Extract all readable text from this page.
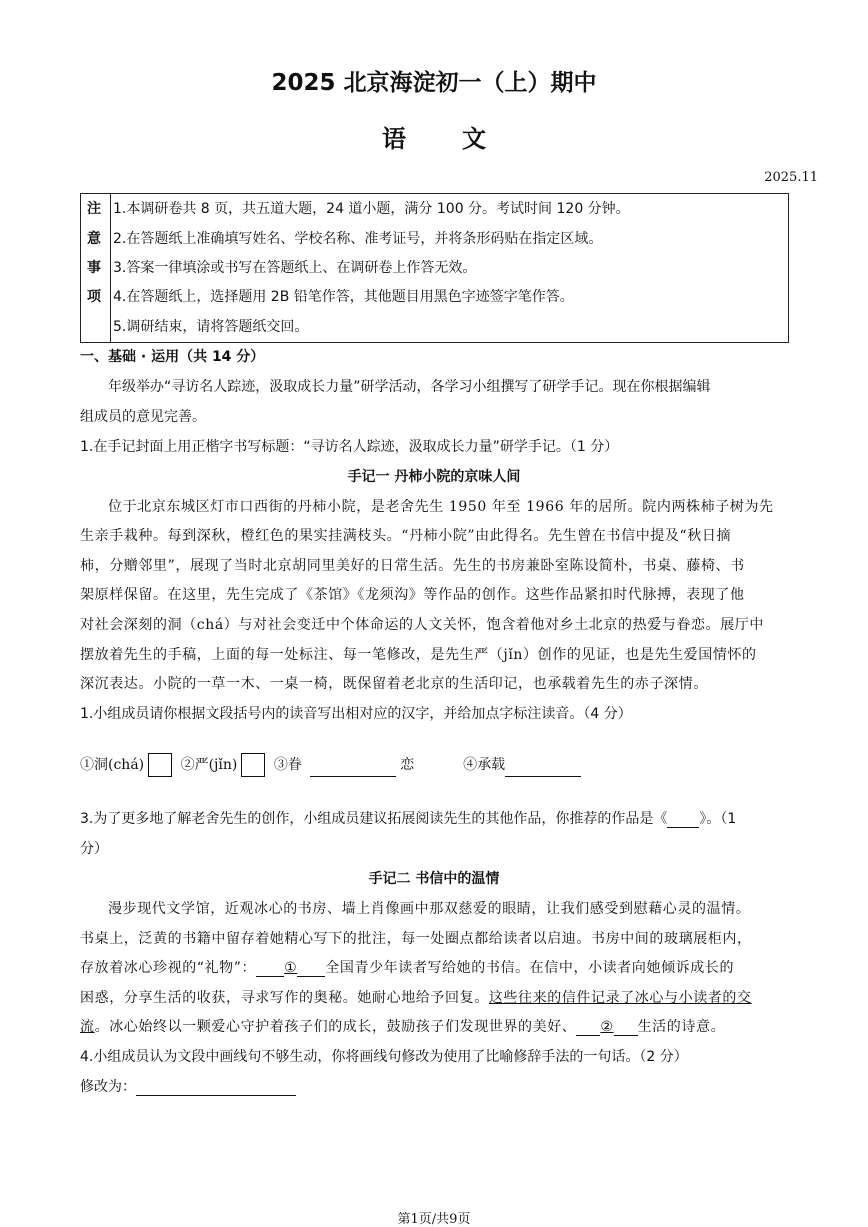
2025 北京海淀初一（上）期中
语文
2025.11
注
意
事
项
1.本调研卷共 8 页，共五道大题，24 道小题，满分 100 分。考试时间 120 分钟。
2.在答题纸上准确填写姓名、学校名称、准考证号，并将条形码贴在指定区域。
3.答案一律填涂或书写在答题纸上、在调研卷上作答无效。
4.在答题纸上，选择题用 2B 铅笔作答，其他题目用黑色字迹签字笔作答。
5.调研结束，请将答题纸交回。
一、基础 · 运用（共 14 分）
年级举办“寻访名人踪迹，汲取成长力量”研学活动，各学习小组撰写了研学手记。现在你根据编辑
组成员的意见完善。
1.在手记封面上用正楷字书写标题：“寻访名人踪迹，汲取成长力量”研学手记。（1 分）
手记一 丹柿小院的京味人间
位于北京东城区灯市口西街的丹柿小院，是老舍先生 1950 年至 1966 年的居所。院内两株柿子树为先
生亲手栽种。每到深秋，橙红色的果实挂满枝头。“丹柿小院”由此得名。先生曾在书信中提及“秋日摘
柿，分赠邻里”，展现了当时北京胡同里美好的日常生活。先生的书房兼卧室陈设简朴，书桌、藤椅、书
架原样保留。在这里，先生完成了《茶馆》《龙须沟》等作品的创作。这些作品紧扣时代脉搏，表现了他
对社会深刻的洞（chá）与对社会变迁中个体命运的人文关怀，饱含着他对乡土北京的热爱与眷恋。展厅中
摆放着先生的手稿，上面的每一处标注、每一笔修改，是先生严（jǐn）创作的见证，也是先生爱国情怀的
深沉表达。小院的一草一木、一桌一椅，既保留着老北京的生活印记，也承载着先生的赤子深情。
1.小组成员请你根据文段括号内的读音写出相对应的汉字，并给加点字标注读音。（4 分）
①洞(chá)	②严(jǐn)	③眷	恋	④承载
3.为了更多地了解老舍先生的创作，小组成员建议拓展阅读先生的其他作品，你推荐的作品是《 》。（1
分）
手记二 书信中的温情
漫步现代文学馆，近观冰心的书房、墙上肖像画中那双慈爱的眼睛，让我们感受到慰藉心灵的温情。
书桌上，泛黄的书籍中留存着她精心写下的批注，每一处圈点都给读者以启迪。书房中间的玻璃展柜内，
存放着冰心珍视的“礼物”： ① 全国青少年读者写给她的书信。在信中，小读者向她倾诉成长的
困惑，分享生活的收获，寻求写作的奥秘。她耐心地给予回复。这些往来的信件记录了冰心与小读者的交
流。冰心始终以一颗爱心守护着孩子们的成长，鼓励孩子们发现世界的美好、 ② 生活的诗意。
4.小组成员认为文段中画线句不够生动，你将画线句修改为使用了比喻修辞手法的一句话。（2 分）
修改为：
第1页/共9页
